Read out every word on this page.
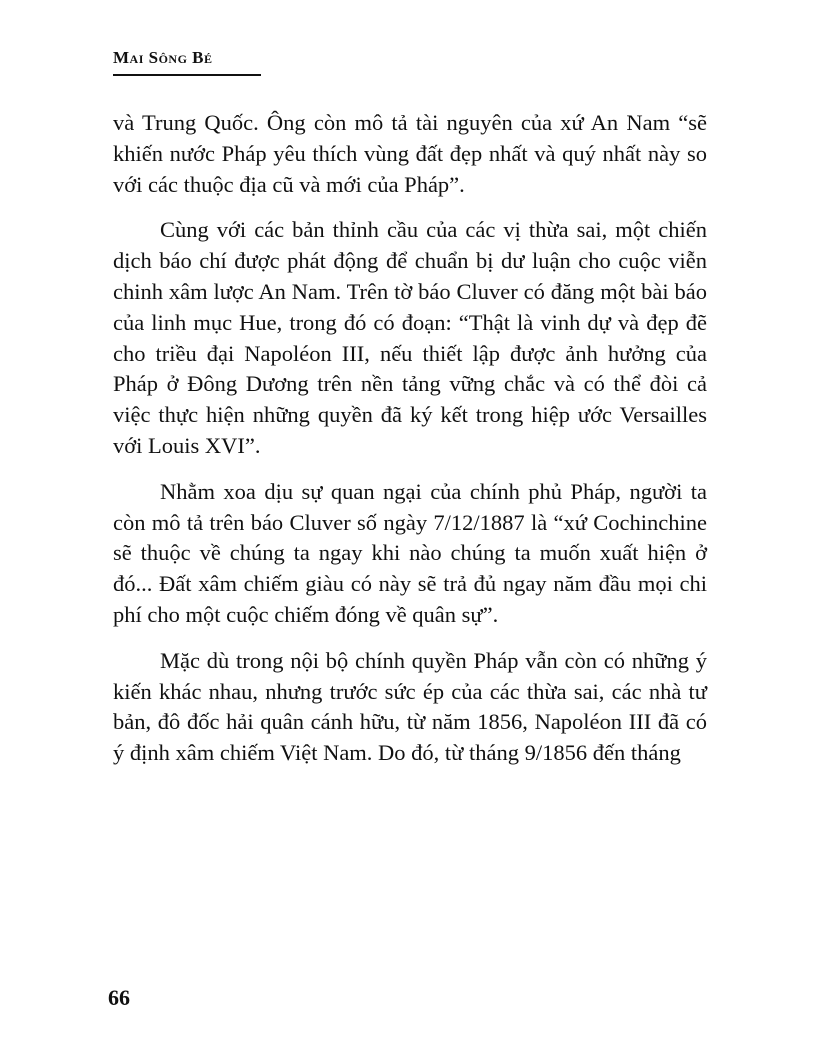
Mai Sông Bé

và Trung Quốc. Ông còn mô tả tài nguyên của xứ An Nam “sẽ khiến nước Pháp yêu thích vùng đất đẹp nhất và quý nhất này so với các thuộc địa cũ và mới của Pháp”.

Cùng với các bản thỉnh cầu của các vị thừa sai, một chiến dịch báo chí được phát động để chuẩn bị dư luận cho cuộc viễn chinh xâm lược An Nam. Trên tờ báo Cluver có đăng một bài báo của linh mục Hue, trong đó có đoạn: “Thật là vinh dự và đẹp đẽ cho triều đại Napoléon III, nếu thiết lập được ảnh hưởng của Pháp ở Đông Dương trên nền tảng vững chắc và có thể đòi cả việc thực hiện những quyền đã ký kết trong hiệp ước Versailles với Louis XVI”.

Nhằm xoa dịu sự quan ngại của chính phủ Pháp, người ta còn mô tả trên báo Cluver số ngày 7/12/1887 là “xứ Cochinchine sẽ thuộc về chúng ta ngay khi nào chúng ta muốn xuất hiện ở đó... Đất xâm chiếm giàu có này sẽ trả đủ ngay năm đầu mọi chi phí cho một cuộc chiếm đóng về quân sự”.

Mặc dù trong nội bộ chính quyền Pháp vẫn còn có những ý kiến khác nhau, nhưng trước sức ép của các thừa sai, các nhà tư bản, đô đốc hải quân cánh hữu, từ năm 1856, Napoléon III đã có ý định xâm chiếm Việt Nam. Do đó, từ tháng 9/1856 đến tháng

66
